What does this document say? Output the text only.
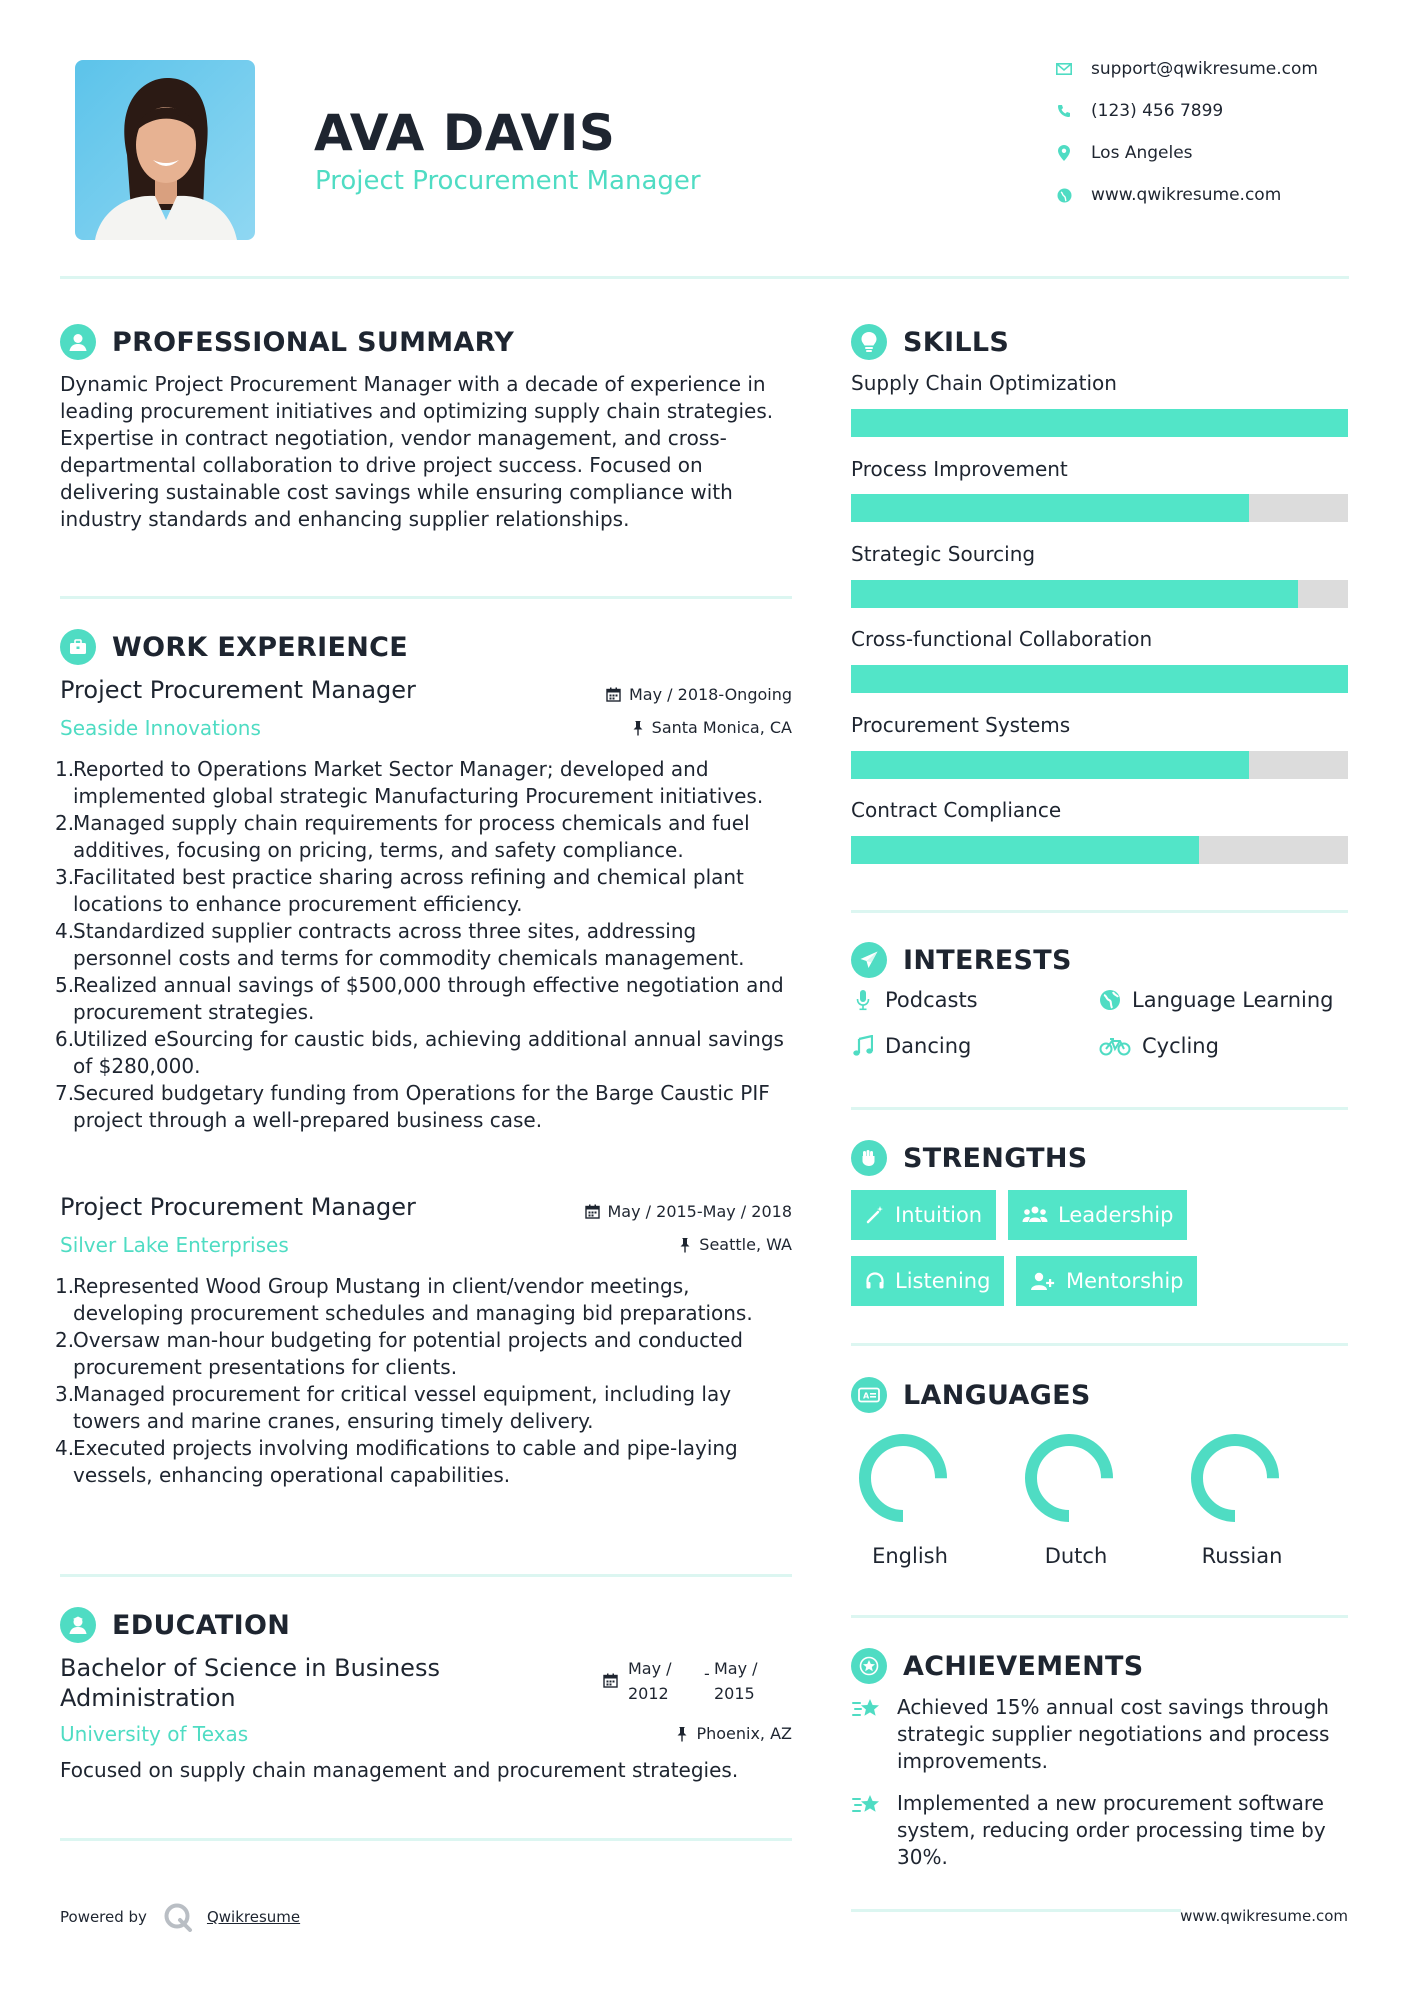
AVA DAVIS
Project Procurement Manager
support@qwikresume.com
(123) 456 7899
Los Angeles
www.qwikresume.com
PROFESSIONAL SUMMARY
Dynamic Project Procurement Manager with a decade of experience in leading procurement initiatives and optimizing supply chain strategies. Expertise in contract negotiation, vendor management, and cross-departmental collaboration to drive project success. Focused on delivering sustainable cost savings while ensuring compliance with industry standards and enhancing supplier relationships.
WORK EXPERIENCE
Project Procurement Manager	May / 2018-Ongoing
Seaside Innovations	Santa Monica, CA
1.
Reported to Operations Market Sector Manager; developed and implemented global strategic Manufacturing Procurement initiatives.
2.
Managed supply chain requirements for process chemicals and fuel additives, focusing on pricing, terms, and safety compliance.
3.
Facilitated best practice sharing across refining and chemical plant locations to enhance procurement efficiency.
4.
Standardized supplier contracts across three sites, addressing personnel costs and terms for commodity chemicals management.
5.
Realized annual savings of $500,000 through effective negotiation and procurement strategies.
6.
Utilized eSourcing for caustic bids, achieving additional annual savings of $280,000.
7.
Secured budgetary funding from Operations for the Barge Caustic PIF project through a well-prepared business case.
Project Procurement Manager	May / 2015-May / 2018
Silver Lake Enterprises	Seattle, WA
1.
Represented Wood Group Mustang in client/vendor meetings, developing procurement schedules and managing bid preparations.
2.
Oversaw man-hour budgeting for potential projects and conducted procurement presentations for clients.
3.
Managed procurement for critical vessel equipment, including lay towers and marine cranes, ensuring timely delivery.
4.
Executed projects involving modifications to cable and pipe-laying vessels, enhancing operational capabilities.
EDUCATION
Bachelor of Science in Business
Administration
May /
2012
- May /
2015
University of Texas	Phoenix, AZ
Focused on supply chain management and procurement strategies.
SKILLS
Supply Chain Optimization
Process Improvement
Strategic Sourcing
Cross-functional Collaboration
Procurement Systems
Contract Compliance
INTERESTS
Podcasts	Language Learning
Dancing	Cycling
STRENGTHS
Intuition	Leadership
Listening	Mentorship
A LANGUAGES
English	Dutch	Russian
ACHIEVEMENTS
Achieved 15% annual cost savings through strategic supplier negotiations and process improvements.
Implemented a new procurement software system, reducing order processing time by 30%.
Powered by	Qwikresume	www.qwikresume.com
